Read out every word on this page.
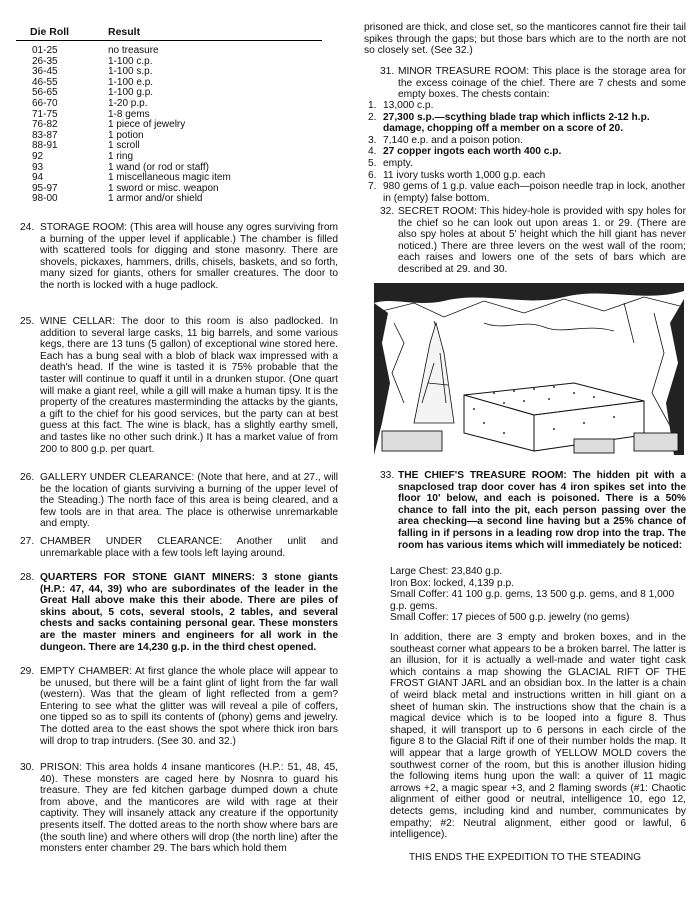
Die Roll	Result
01-25	no treasure
26-35	1-100 c.p.
36-45	1-100 s.p.
46-55	1-100 e.p.
56-65	1-100 g.p.
66-70	1-20 p.p.
71-75	1-8 gems
76-82	1 piece of jewelry
83-87	1 potion
88-91	1 scroll
92	1 ring
93	1 wand (or rod or staff)
94	1 miscellaneous magic item
95-97	1 sword or misc. weapon
98-00	1 armor and/or shield
24. STORAGE ROOM: (This area will house any ogres surviving from a burning of the upper level if applicable.) The chamber is filled with scattered tools for digging and stone masonry. There are shovels, pickaxes, hammers, drills, chisels, baskets, and so forth, many sized for giants, others for smaller creatures. The door to the north is locked with a huge padlock.
25. WINE CELLAR: The door to this room is also padlocked. In addition to several large casks, 11 big barrels, and some various kegs, there are 13 tuns (5 gallon) of exceptional wine stored here. Each has a bung seal with a blob of black wax impressed with a death's head. If the wine is tasted it is 75% probable that the taster will continue to quaff it until in a drunken stupor. (One quart will make a giant reel, while a gill will make a human tipsy. It is the property of the creatures masterminding the attacks by the giants, a gift to the chief for his good services, but the party can at best guess at this fact. The wine is black, has a slightly earthy smell, and tastes like no other such drink.) It has a market value of from 200 to 800 g.p. per quart.
26. GALLERY UNDER CLEARANCE: (Note that here, and at 27., will be the location of giants surviving a burning of the upper level of the Steading.) The north face of this area is being cleared, and a few tools are in that area. The place is otherwise unremarkable and empty.
27. CHAMBER UNDER CLEARANCE: Another unlit and unremarkable place with a few tools left laying around.
28. QUARTERS FOR STONE GIANT MINERS: 3 stone giants (H.P.: 47, 44, 39) who are subordinates of the leader in the Great Hall above make this their abode. There are piles of skins about, 5 cots, several stools, 2 tables, and several chests and sacks containing personal gear. These monsters are the master miners and engineers for all work in the dungeon. There are 14,230 g.p. in the third chest opened.
29. EMPTY CHAMBER: At first glance the whole place will appear to be unused, but there will be a faint glint of light from the far wall (western). Was that the gleam of light reflected from a gem? Entering to see what the glitter was will reveal a pile of coffers, one tipped so as to spill its contents of (phony) gems and jewelry. The dotted area to the east shows the spot where thick iron bars will drop to trap intruders. (See 30. and 32.)
30. PRISON: This area holds 4 insane manticores (H.P.: 51, 48, 45, 40). These monsters are caged here by Nosnra to guard his treasure. They are fed kitchen garbage dumped down a chute from above, and the manticores are wild with rage at their captivity. They will insanely attack any creature if the opportunity presents itself. The dotted areas to the north show where bars are (the south line) and where others will drop (the north line) after the monsters enter chamber 29. The bars which hold them
prisoned are thick, and close set, so the manticores cannot fire their tail spikes through the gaps; but those bars which are to the north are not so closely set. (See 32.)
31. MINOR TREASURE ROOM: This place is the storage area for the excess coinage of the chief. There are 7 chests and some empty boxes. The chests contain:
1. 13,000 c.p.
2. 27,300 s.p.—scything blade trap which inflicts 2-12 h.p. damage, chopping off a member on a score of 20.
3. 7,140 e.p. and a poison potion.
4. 27 copper ingots each worth 400 c.p.
5. empty.
6. 11 ivory tusks worth 1,000 g.p. each
7. 980 gems of 1 g.p. value each—poison needle trap in lock, another in (empty) false bottom.
32. SECRET ROOM: This hidey-hole is provided with spy holes for the chief so he can look out upon areas 1. or 29. (There are also spy holes at about 5' height which the hill giant has never noticed.) There are three levers on the west wall of the room; each raises and lowers one of the sets of bars which are described at 29. and 30.
33. THE CHIEF'S TREASURE ROOM: The hidden pit with a snapclosed trap door cover has 4 iron spikes set into the floor 10' below, and each is poisoned. There is a 50% chance to fall into the pit, each person passing over the area checking—a second line having but a 25% chance of falling in if persons in a leading row drop into the trap. The room has various items which will immediately be noticed:
Large Chest: 23,840 g.p.
Iron Box: locked, 4,139 p.p.
Small Coffer: 41 100 g.p. gems, 13 500 g.p. gems, and 8 1,000 g.p. gems.
Small Coffer: 17 pieces of 500 g.p. jewelry (no gems)
In addition, there are 3 empty and broken boxes, and in the southeast corner what appears to be a broken barrel. The latter is an illusion, for it is actually a well-made and water tight cask which contains a map showing the GLACIAL RIFT OF THE FROST GIANT JARL and an obsidian box. In the latter is a chain of weird black metal and instructions written in hill giant on a sheet of human skin. The instructions show that the chain is a magical device which is to be looped into a figure 8. Thus shaped, it will transport up to 6 persons in each circle of the figure 8 to the Glacial Rift if one of their number holds the map. It will appear that a large growth of YELLOW MOLD covers the southwest corner of the room, but this is another illusion hiding the following items hung upon the wall: a quiver of 11 magic arrows +2, a magic spear +3, and 2 flaming swords (#1: Chaotic alignment of either good or neutral, intelligence 10, ego 12, detects gems, including kind and number, communicates by empathy; #2: Neutral alignment, either good or lawful, 6 intelligence).
THIS ENDS THE EXPEDITION TO THE STEADING
